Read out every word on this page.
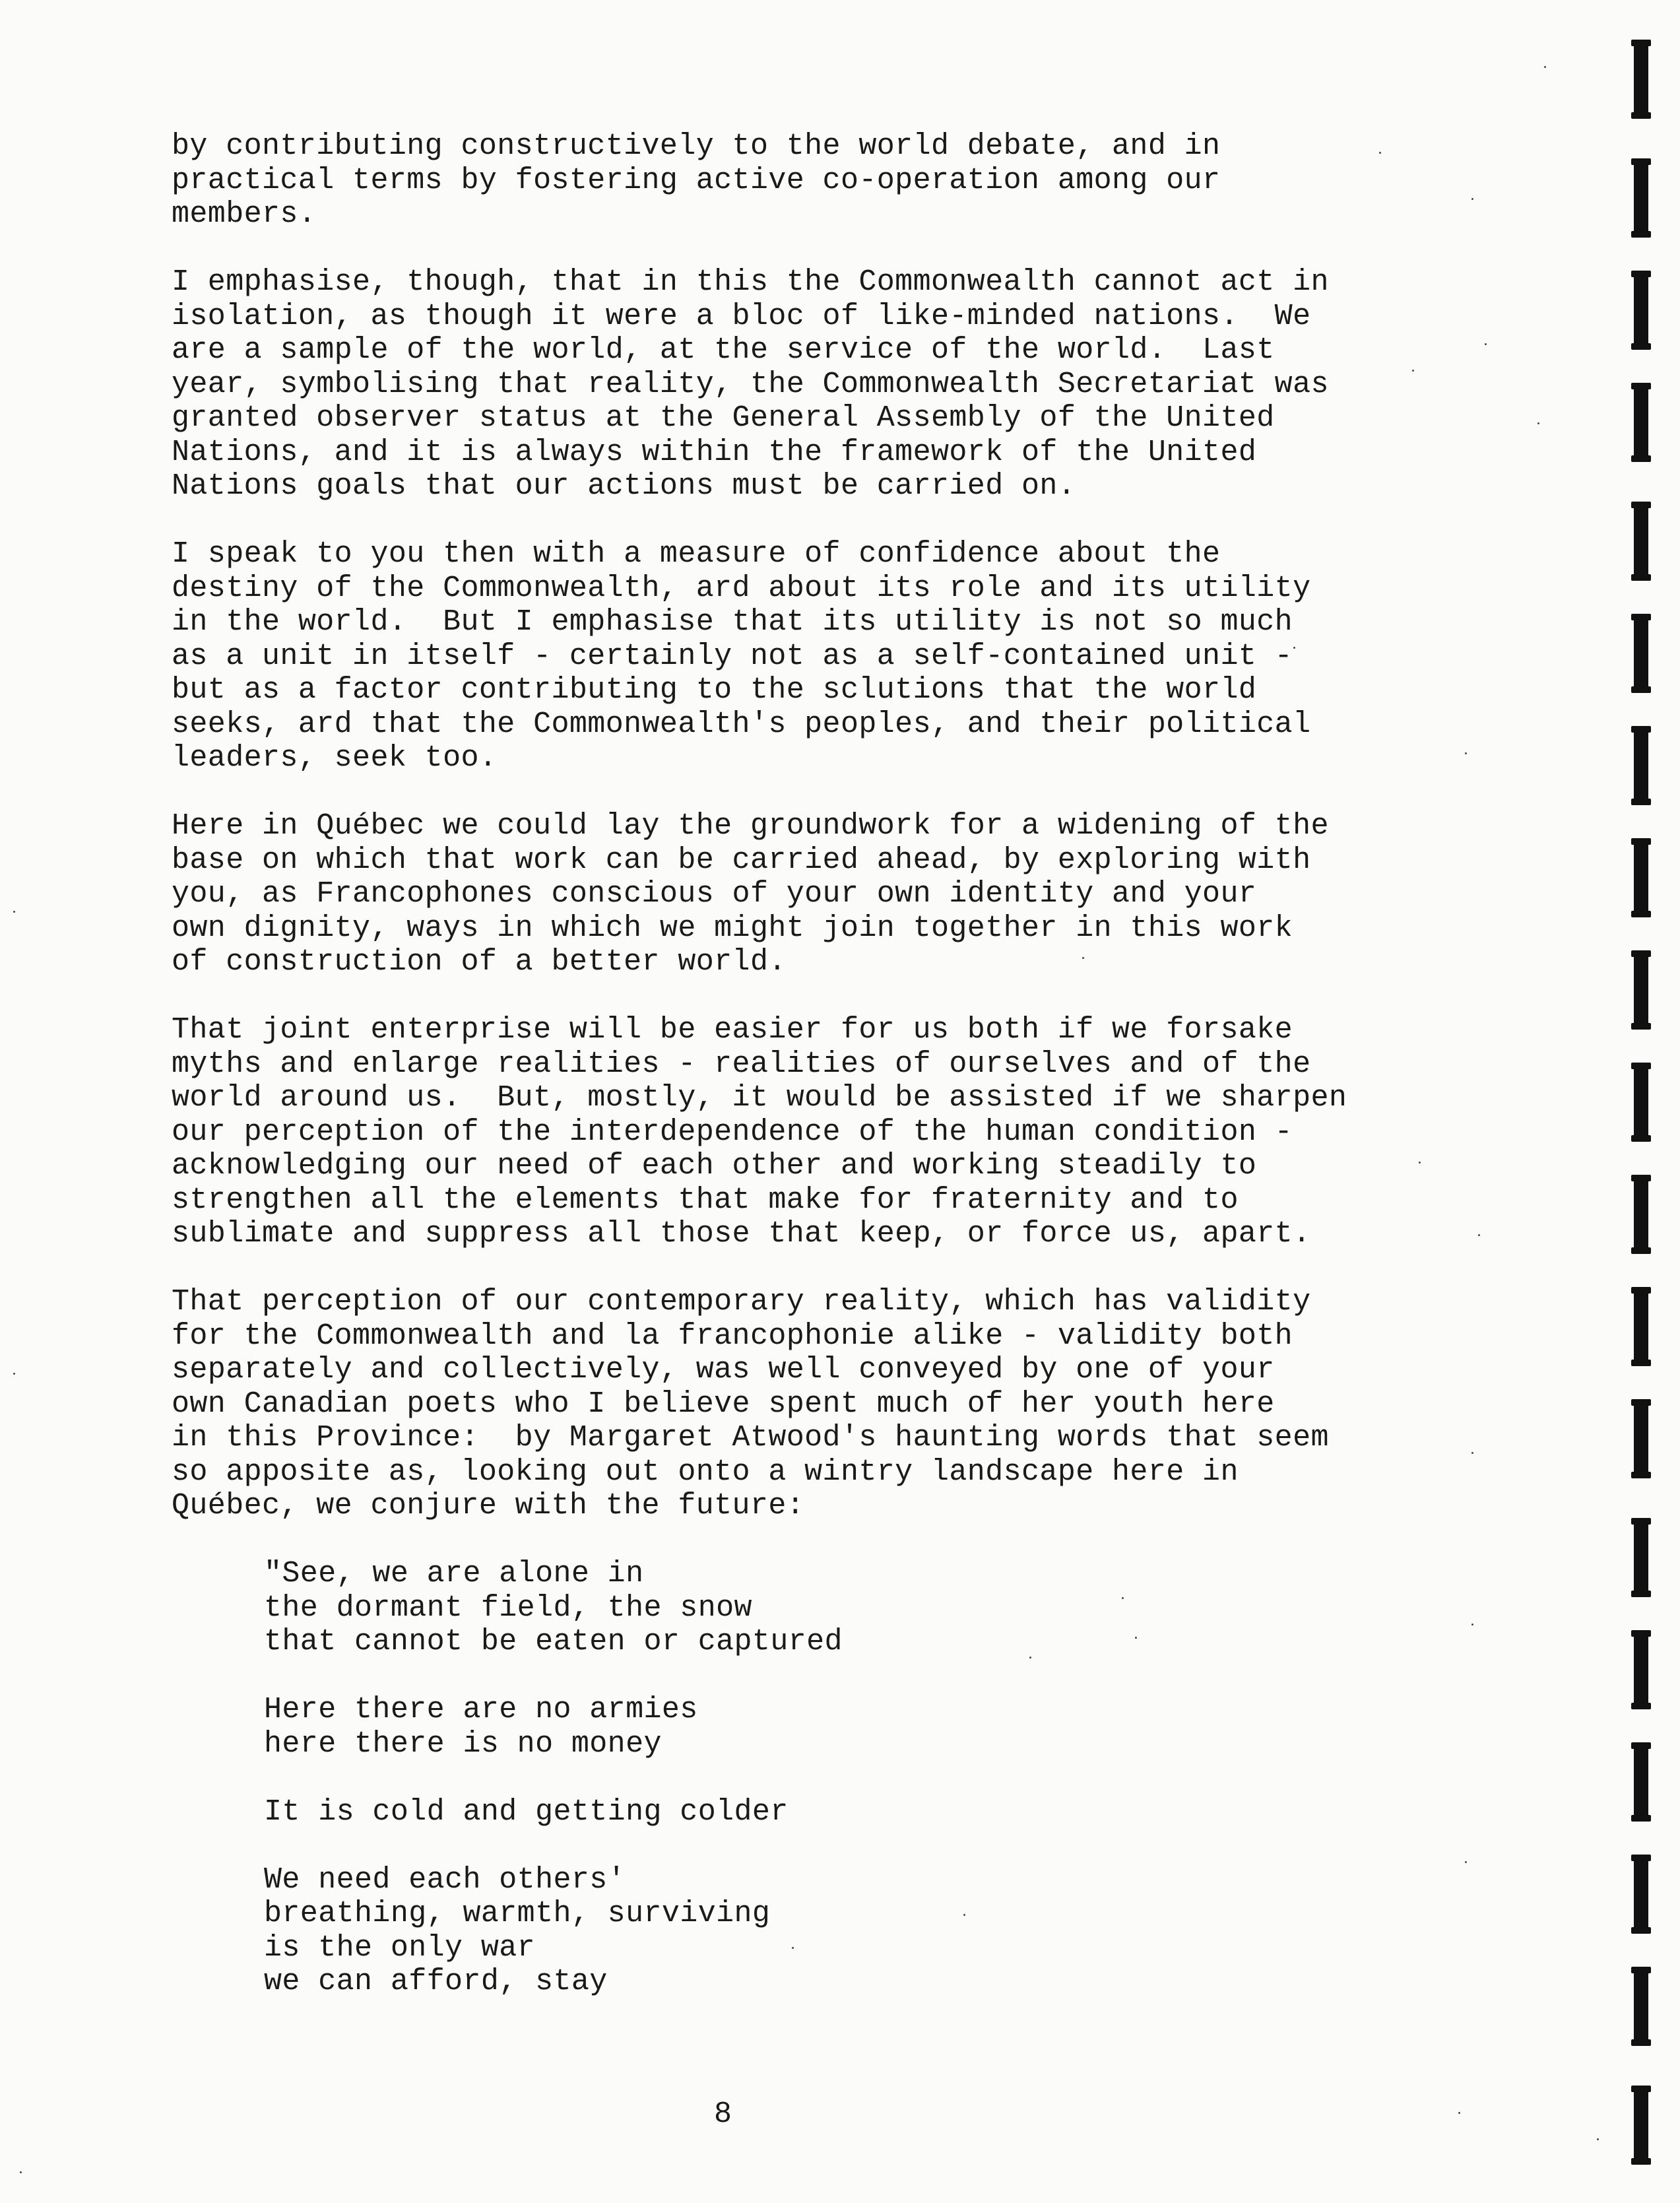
by contributing constructively to the world debate, and in
practical terms by fostering active co-operation among our
members.
I emphasise, though, that in this the Commonwealth cannot act in
isolation, as though it were a bloc of like-minded nations.  We
are a sample of the world, at the service of the world.  Last
year, symbolising that reality, the Commonwealth Secretariat was
granted observer status at the General Assembly of the United
Nations, and it is always within the framework of the United
Nations goals that our actions must be carried on.
I speak to you then with a measure of confidence about the
destiny of the Commonwealth, ard about its role and its utility
in the world.  But I emphasise that its utility is not so much
as a unit in itself - certainly not as a self-contained unit -
but as a factor contributing to the sclutions that the world
seeks, ard that the Commonwealth's peoples, and their political
leaders, seek too.
Here in Québec we could lay the groundwork for a widening of the
base on which that work can be carried ahead, by exploring with
you, as Francophones conscious of your own identity and your
own dignity, ways in which we might join together in this work
of construction of a better world.
That joint enterprise will be easier for us both if we forsake
myths and enlarge realities - realities of ourselves and of the
world around us.  But, mostly, it would be assisted if we sharpen
our perception of the interdependence of the human condition -
acknowledging our need of each other and working steadily to
strengthen all the elements that make for fraternity and to
sublimate and suppress all those that keep, or force us, apart.
That perception of our contemporary reality, which has validity
for the Commonwealth and la francophonie alike - validity both
separately and collectively, was well conveyed by one of your
own Canadian poets who I believe spent much of her youth here
in this Province:  by Margaret Atwood's haunting words that seem
so apposite as, looking out onto a wintry landscape here in
Québec, we conjure with the future:
"See, we are alone in
the dormant field, the snow
that cannot be eaten or captured
Here there are no armies
here there is no money
It is cold and getting colder
We need each others'
breathing, warmth, surviving
is the only war
we can afford, stay
8
